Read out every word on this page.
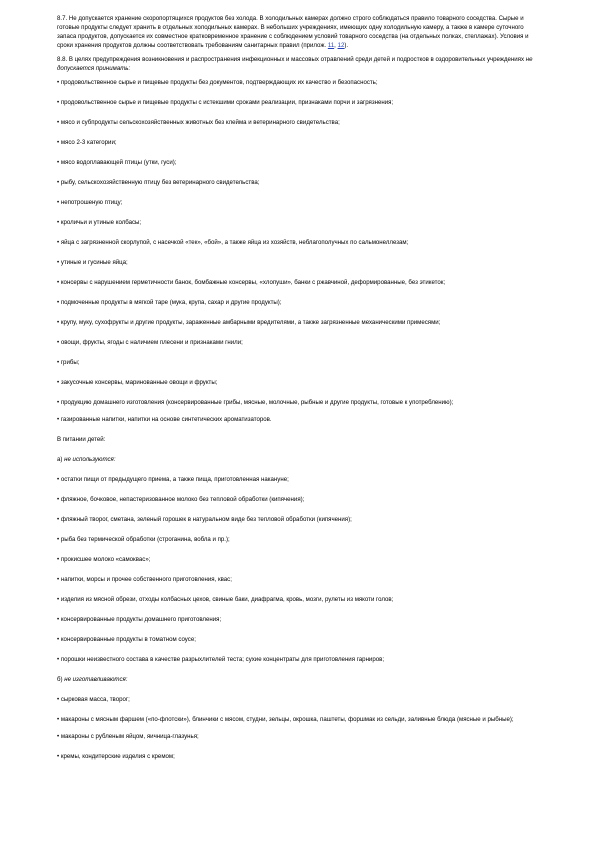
8.7. Не допускается хранение скоропортящихся продуктов без холода. В холодильных камерах должно строго соблюдаться правило товарного соседства. Сырые и готовые продукты следует хранить в отдельных холодильных камерах. В небольших учреждениях, имеющих одну холодильную камеру, а также в камере суточного запаса продуктов, допускается их совместное кратковременное хранение с соблюдением условий товарного соседства (на отдельных полках, стеллажах). Условия и сроки хранения продуктов должны соответствовать требованиям санитарных правил (прилож. 11, 12).

8.8. В целях предупреждения возникновения и распространения инфекционных и массовых отравлений среди детей и подростков в оздоровительных учреждениях не допускается принимать:

• продовольственное сырье и пищевые продукты без документов, подтверждающих их качество и безопасность;

• продовольственное сырье и пищевые продукты с истекшими сроками реализации, признаками порчи и загрязнения;

• мясо и субпродукты сельскохозяйственных животных без клейма и ветеринарного свидетельства;

• мясо 2-3 категории;

• мясо водоплавающей птицы (утки, гуси);

• рыбу, сельскохозяйственную птицу без ветеринарного свидетельства;

• непотрошеную птицу;

• кроличьи и утиные колбасы;

• яйца с загрязненной скорлупой, с насечкой «тек», «бой», а также яйца из хозяйств, неблагополучных по сальмонеллезам;

• утиные и гусиные яйца;

• консервы с нарушением герметичности банок, бомбажные консервы, «хлопуши», банки с ржавчиной, деформированные, без этикеток;

• подмоченные продукты в мягкой таре (мука, крупа, сахар и другие продукты);

• крупу, муку, сухофрукты и другие продукты, зараженные амбарными вредителями, а также загрязненные механическими примесями;

• овощи, фрукты, ягоды с наличием плесени и признаками гнили;

• грибы;

• закусочные консервы, маринованные овощи и фрукты;

• продукцию домашнего изготовления (консервированные грибы, мясные, молочные, рыбные и другие продукты, готовые к употреблению);

• газированные напитки, напитки на основе синтетических ароматизаторов.

В питании детей:

а) не используются:

• остатки пищи от предыдущего приема, а также пища, приготовленная накануне;

• фляжное, бочковое, непастеризованное молоко без тепловой обработки (кипячения);

• фляжный творог, сметана, зеленый горошек в натуральном виде без тепловой обработки (кипячения);

• рыба без термической обработки (строганина, вобла и пр.);

• прокисшее молоко «самоквас»;

• напитки, морсы и прочее собственного приготовления, квас;

• изделия из мясной обрези, отходы колбасных цехов, свиные баки, диафрагма, кровь, мозги, рулеты из мякоти голов;

• консервированные продукты домашнего приготовления;

• консервированные продукты в томатном соусе;

• порошки неизвестного состава в качестве разрыхлителей теста; сухие концентраты для приготовления гарниров;

б) не изготавливаются:

• сырковая масса, творог;

• макароны с мясным фаршем («по-флотски»), блинчики с мясом, студни, зельцы, окрошка, паштеты, форшмак из сельди, заливные блюда (мясные и рыбные);

• макароны с рубленым яйцом, яичница-глазунья;

• кремы, кондитерские изделия с кремом;
